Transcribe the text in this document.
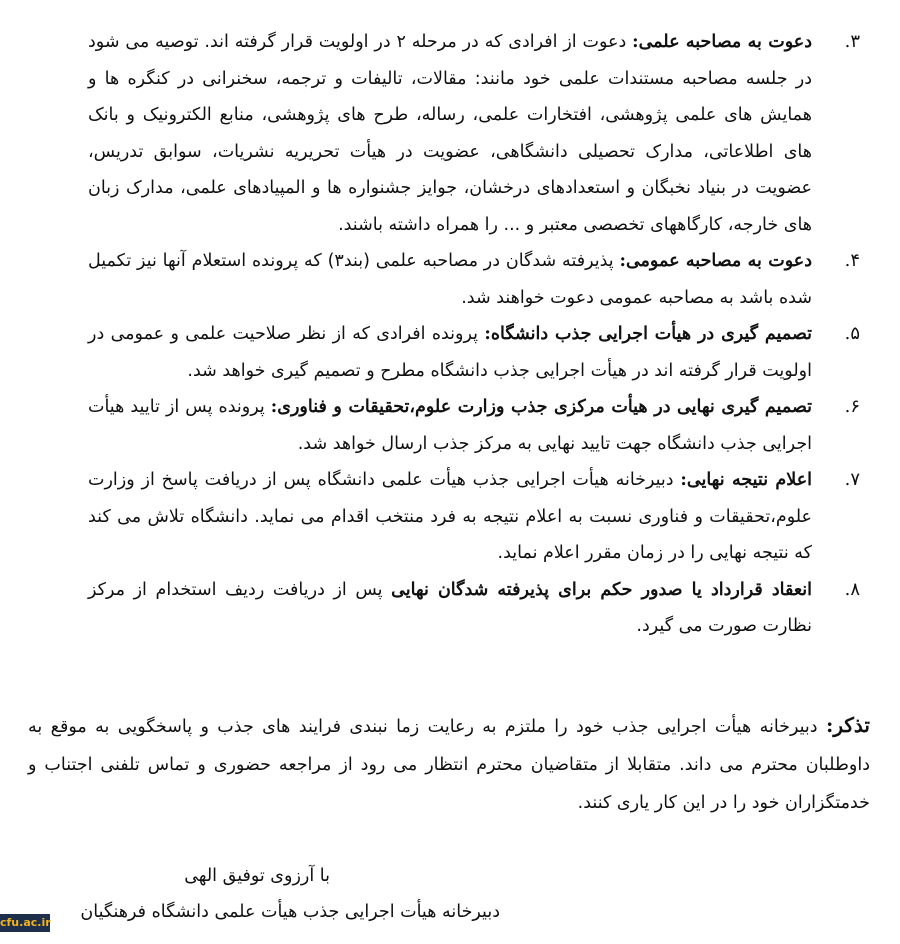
۳.
دعوت به مصاحبه علمی: دعوت از افرادی که در مرحله ۲ در اولویت قرار گرفته اند. توصیه می شود در جلسه مصاحبه مستندات علمی خود مانند: مقالات، تالیفات و ترجمه، سخنرانی در کنگره ها و همایش های علمی پژوهشی، افتخارات علمی، رساله، طرح های پژوهشی، منابع الکترونیک و بانک های اطلاعاتی، مدارک تحصیلی دانشگاهی، عضویت در هیأت تحریریه نشریات، سوابق تدریس، عضویت در بنیاد نخبگان و استعدادهای درخشان، جوایز جشنواره ها و المپیادهای علمی، مدارک زبان های خارجه، کارگاههای تخصصی معتبر و ... را همراه داشته باشند.
۴.
دعوت به مصاحبه عمومی: پذیرفته شدگان در مصاحبه علمی (بند۳) که پرونده استعلام آنها نیز تکمیل شده باشد به مصاحبه عمومی دعوت خواهند شد.
۵.
تصمیم گیری در هیأت اجرایی جذب دانشگاه: پرونده افرادی که از نظر صلاحیت علمی و عمومی در اولویت قرار گرفته اند در هیأت اجرایی جذب دانشگاه مطرح و تصمیم گیری خواهد شد.
۶.
تصمیم گیری نهایی در هیأت مرکزی جذب وزارت علوم،تحقیقات و فناوری: پرونده پس از تایید هیأت اجرایی جذب دانشگاه جهت تایید نهایی به مرکز جذب ارسال خواهد شد.
۷.
اعلام نتیجه نهایی: دبیرخانه هیأت اجرایی جذب هیأت علمی دانشگاه پس از دریافت پاسخ از وزارت علوم،تحقیقات و فناوری نسبت به اعلام نتیجه به فرد منتخب اقدام می نماید. دانشگاه تلاش می کند که نتیجه نهایی را در زمان مقرر اعلام نماید.
۸.
انعقاد قرارداد یا صدور حکم برای پذیرفته شدگان نهایی پس از دریافت ردیف استخدام از مرکز نظارت صورت می گیرد.

تذکر: دبیرخانه هیأت اجرایی جذب خود را ملتزم به رعایت زما نبندی فرایند های جذب و پاسخگویی به موقع به داوطلبان محترم می داند. متقابلا از متقاضیان محترم انتظار می رود از مراجعه حضوری و تماس تلفنی اجتناب و خدمتگزاران خود را در این کار یاری کنند.

با آرزوی توفیق الهی

دبیرخانه هیأت اجرایی جذب هیأت علمی دانشگاه فرهنگیان

cfu.ac.ir
